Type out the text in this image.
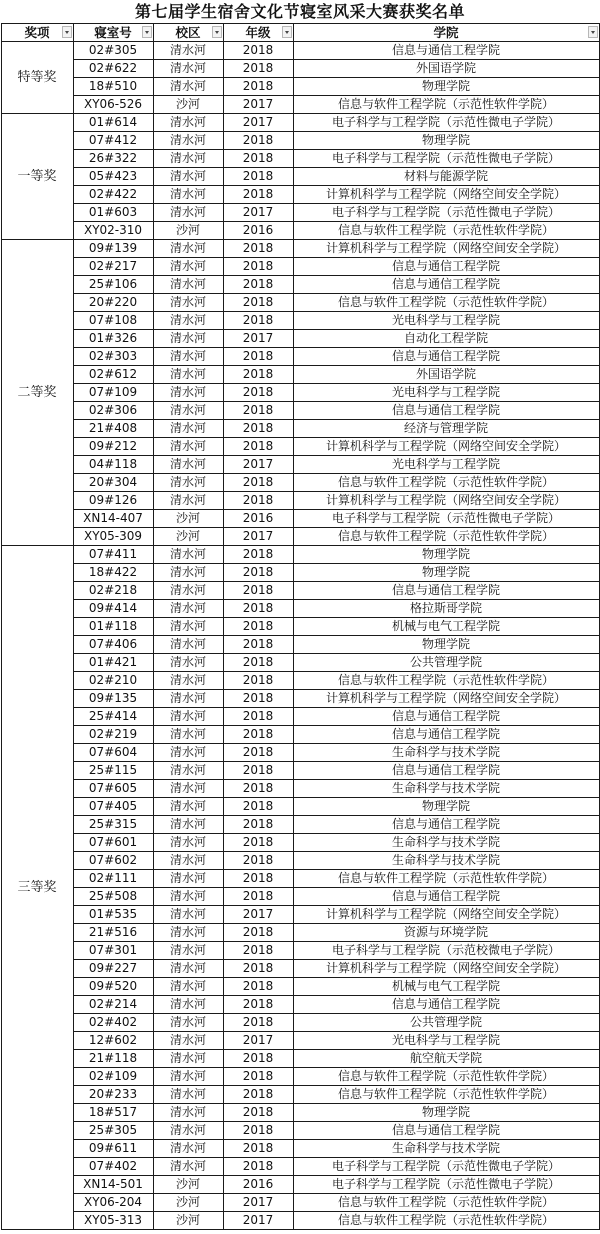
第七届学生宿舍文化节寝室风采大赛获奖名单
奖项	寝室号	校区	年级	学院

特等奖	02#305	清水河	2018	信息与通信工程学院
	02#622	清水河	2018	外国语学院
	18#510	清水河	2018	物理学院
	XY06-526	沙河	2017	信息与软件工程学院（示范性软件学院）
一等奖	01#614	清水河	2017	电子科学与工程学院（示范性微电子学院）
	07#412	清水河	2018	物理学院
	26#322	清水河	2018	电子科学与工程学院（示范性微电子学院）
	05#423	清水河	2018	材料与能源学院
	02#422	清水河	2018	计算机科学与工程学院（网络空间安全学院）
	01#603	清水河	2017	电子科学与工程学院（示范性微电子学院）
	XY02-310	沙河	2016	信息与软件工程学院（示范性软件学院）
二等奖	09#139	清水河	2018	计算机科学与工程学院（网络空间安全学院）
	02#217	清水河	2018	信息与通信工程学院
	25#106	清水河	2018	信息与通信工程学院
	20#220	清水河	2018	信息与软件工程学院（示范性软件学院）
	07#108	清水河	2018	光电科学与工程学院
	01#326	清水河	2017	自动化工程学院
	02#303	清水河	2018	信息与通信工程学院
	02#612	清水河	2018	外国语学院
	07#109	清水河	2018	光电科学与工程学院
	02#306	清水河	2018	信息与通信工程学院
	21#408	清水河	2018	经济与管理学院
	09#212	清水河	2018	计算机科学与工程学院（网络空间安全学院）
	04#118	清水河	2017	光电科学与工程学院
	20#304	清水河	2018	信息与软件工程学院（示范性软件学院）
	09#126	清水河	2018	计算机科学与工程学院（网络空间安全学院）
	XN14-407	沙河	2016	电子科学与工程学院（示范性微电子学院）
	XY05-309	沙河	2017	信息与软件工程学院（示范性软件学院）
三等奖	07#411	清水河	2018	物理学院
	18#422	清水河	2018	物理学院
	02#218	清水河	2018	信息与通信工程学院
	09#414	清水河	2018	格拉斯哥学院
	01#118	清水河	2018	机械与电气工程学院
	07#406	清水河	2018	物理学院
	01#421	清水河	2018	公共管理学院
	02#210	清水河	2018	信息与软件工程学院（示范性软件学院）
	09#135	清水河	2018	计算机科学与工程学院（网络空间安全学院）
	25#414	清水河	2018	信息与通信工程学院
	02#219	清水河	2018	信息与通信工程学院
	07#604	清水河	2018	生命科学与技术学院
	25#115	清水河	2018	信息与通信工程学院
	07#605	清水河	2018	生命科学与技术学院
	07#405	清水河	2018	物理学院
	25#315	清水河	2018	信息与通信工程学院
	07#601	清水河	2018	生命科学与技术学院
	07#602	清水河	2018	生命科学与技术学院
	02#111	清水河	2018	信息与软件工程学院（示范性软件学院）
	25#508	清水河	2018	信息与通信工程学院
	01#535	清水河	2017	计算机科学与工程学院（网络空间安全学院）
	21#516	清水河	2018	资源与环境学院
	07#301	清水河	2018	电子科学与工程学院（示范校微电子学院）
	09#227	清水河	2018	计算机科学与工程学院（网络空间安全学院）
	09#520	清水河	2018	机械与电气工程学院
	02#214	清水河	2018	信息与通信工程学院
	02#402	清水河	2018	公共管理学院
	12#602	清水河	2017	光电科学与工程学院
	21#118	清水河	2018	航空航天学院
	02#109	清水河	2018	信息与软件工程学院（示范性软件学院）
	20#233	清水河	2018	信息与软件工程学院（示范性软件学院）
	18#517	清水河	2018	物理学院
	25#305	清水河	2018	信息与通信工程学院
	09#611	清水河	2018	生命科学与技术学院
	07#402	清水河	2018	电子科学与工程学院（示范性微电子学院）
	XN14-501	沙河	2016	电子科学与工程学院（示范性微电子学院）
	XY06-204	沙河	2017	信息与软件工程学院（示范性软件学院）
	XY05-313	沙河	2017	信息与软件工程学院（示范性软件学院）
